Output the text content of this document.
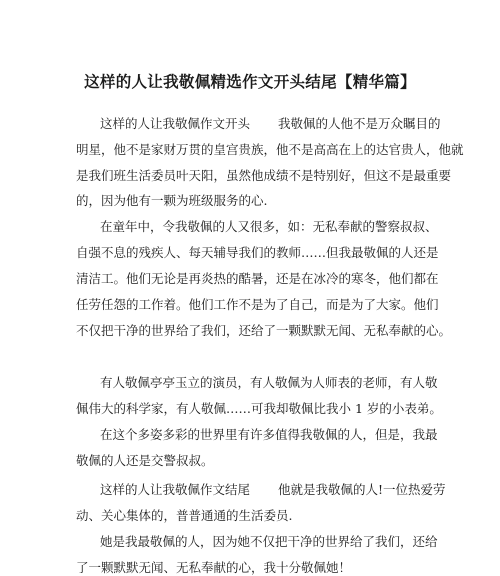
这样的人让我敬佩精选作文开头结尾【精华篇】
这样的人让我敬佩作文开头 我敬佩的人他不是万众瞩目的
明星，他不是家财万贯的皇宫贵族，他不是高高在上的达官贵人，他就
是我们班生活委员叶天阳，虽然他成绩不是特别好，但这不是最重要
的，因为他有一颗为班级服务的心.
在童年中，令我敬佩的人又很多，如：无私奉献的警察叔叔、
自强不息的残疾人、每天辅导我们的教师……但我最敬佩的人还是
清洁工。他们无论是再炎热的酷暑，还是在冰冷的寒冬，他们都在
任劳任怨的工作着。他们工作不是为了自己，而是为了大家。他们
不仅把干净的世界给了我们，还给了一颗默默无闻、无私奉献的心。
有人敬佩亭亭玉立的演员，有人敬佩为人师表的老师，有人敬
佩伟大的科学家，有人敬佩……可我却敬佩比我小 1 岁的小表弟。
在这个多姿多彩的世界里有许多值得我敬佩的人，但是，我最
敬佩的人还是交警叔叔。
这样的人让我敬佩作文结尾 他就是我敬佩的人!一位热爱劳
动、关心集体的，普普通通的生活委员.
她是我最敬佩的人，因为她不仅把干净的世界给了我们，还给
了一颗默默无闻、无私奉献的心，我十分敬佩她！
